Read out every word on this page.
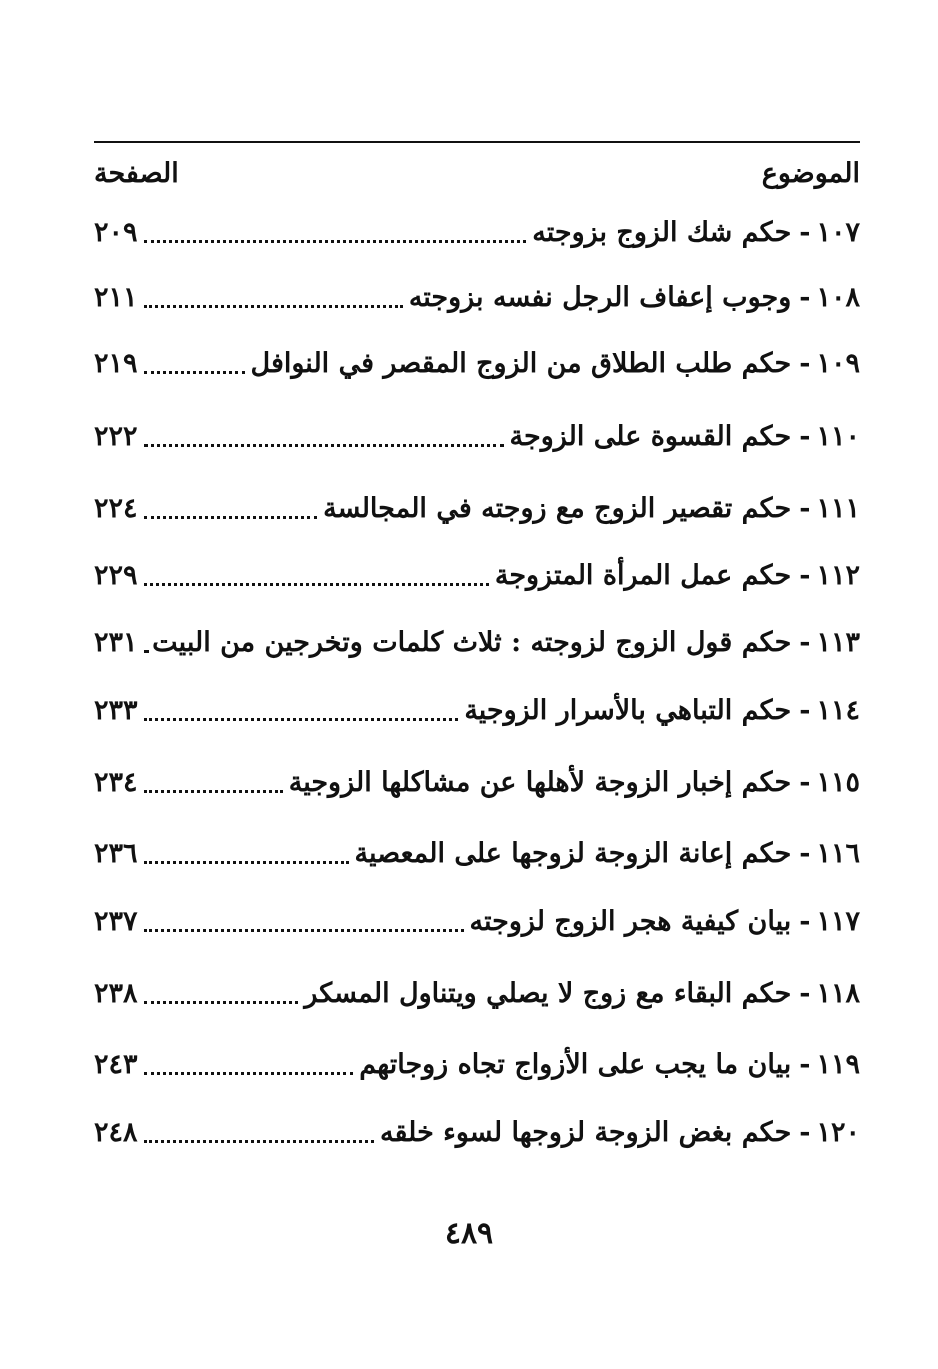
الموضوع
الصفحة
١٠٧
-
حكم شك الزوج بزوجته
٢٠٩
١٠٨
-
وجوب إعفاف الرجل نفسه بزوجته
٢١١
١٠٩
-
حكم طلب الطلاق من الزوج المقصر في النوافل
٢١٩
١١٠
-
حكم القسوة على الزوجة
٢٢٢
١١١
-
حكم تقصير الزوج مع زوجته في المجالسة
٢٢٤
١١٢
-
حكم عمل المرأة المتزوجة
٢٢٩
١١٣
-
حكم قول الزوج لزوجته : ثلاث كلمات وتخرجين من البيت
٢٣١
١١٤
-
حكم التباهي بالأسرار الزوجية
٢٣٣
١١٥
-
حكم إخبار الزوجة لأهلها عن مشاكلها الزوجية
٢٣٤
١١٦
-
حكم إعانة الزوجة لزوجها على المعصية
٢٣٦
١١٧
-
بيان كيفية هجر الزوج لزوجته
٢٣٧
١١٨
-
حكم البقاء مع زوج لا يصلي ويتناول المسكر
٢٣٨
١١٩
-
بيان ما يجب على الأزواج تجاه زوجاتهم
٢٤٣
١٢٠
-
حكم بغض الزوجة لزوجها لسوء خلقه
٢٤٨
٤٨٩
